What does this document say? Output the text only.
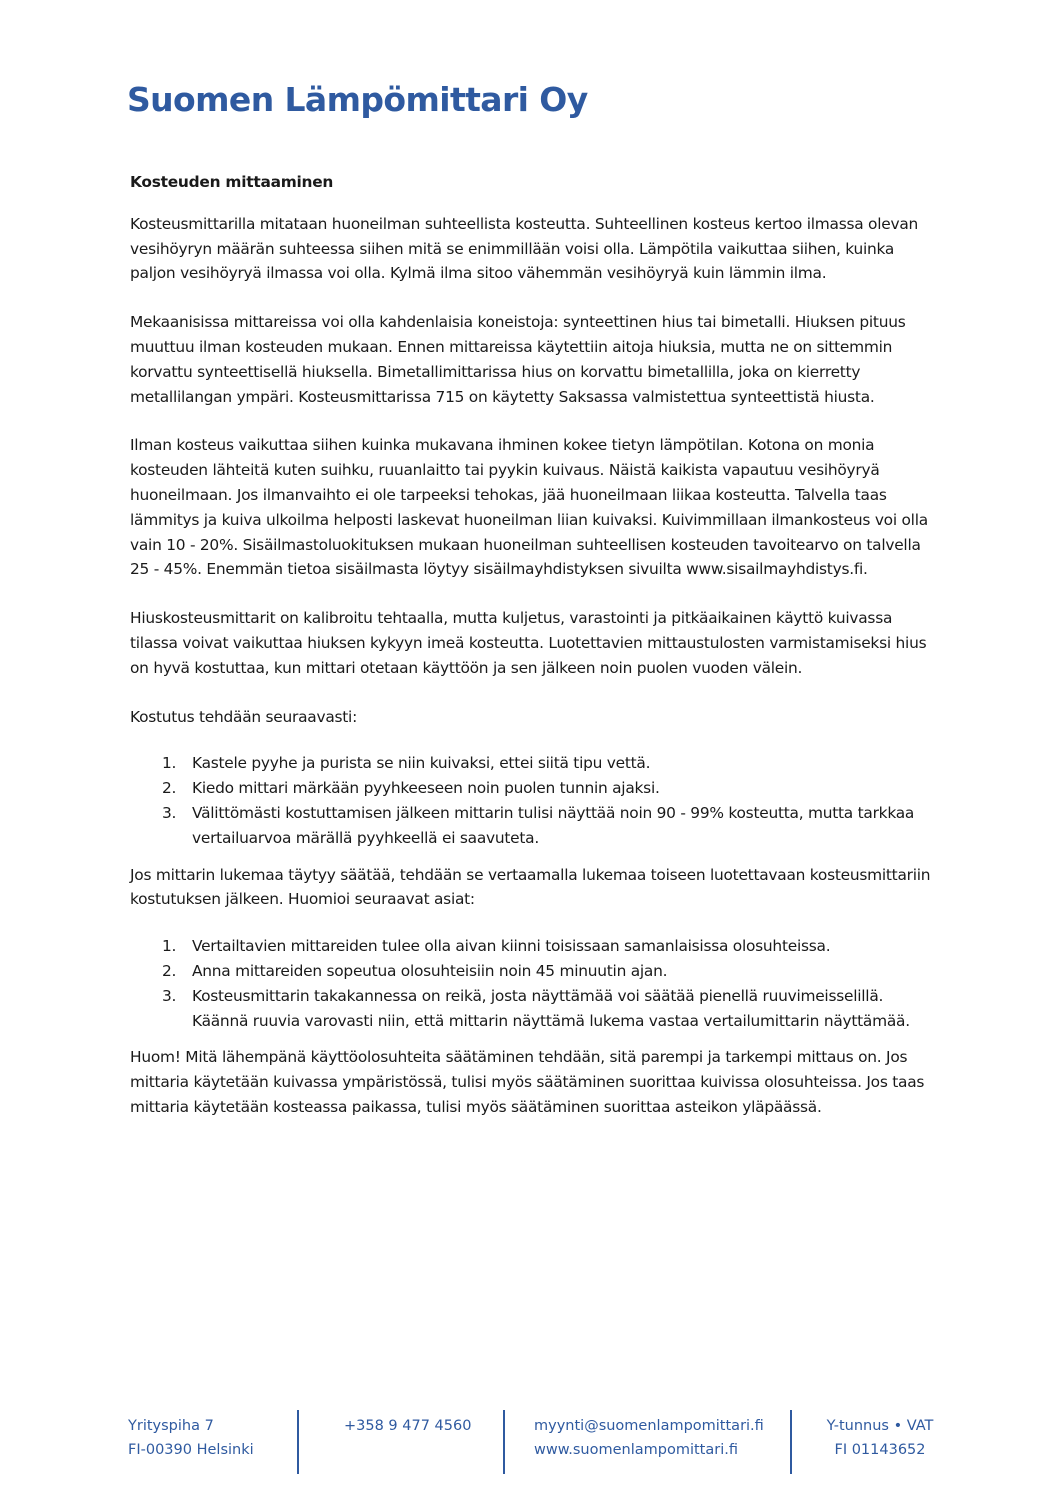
Suomen Lämpömittari Oy

Kosteuden mittaaminen

Kosteusmittarilla mitataan huoneilman suhteellista kosteutta. Suhteellinen kosteus kertoo ilmassa olevan vesihöyryn määrän suhteessa siihen mitä se enimmillään voisi olla. Lämpötila vaikuttaa siihen, kuinka paljon vesihöyryä ilmassa voi olla. Kylmä ilma sitoo vähemmän vesihöyryä kuin lämmin ilma.

Mekaanisissa mittareissa voi olla kahdenlaisia koneistoja: synteettinen hius tai bimetalli. Hiuksen pituus muuttuu ilman kosteuden mukaan. Ennen mittareissa käytettiin aitoja hiuksia, mutta ne on sittemmin korvattu synteettisellä hiuksella. Bimetallimittarissa hius on korvattu bimetallilla, joka on kierretty metallilangan ympäri. Kosteusmittarissa 715 on käytetty Saksassa valmistettua synteettistä hiusta.

Ilman kosteus vaikuttaa siihen kuinka mukavana ihminen kokee tietyn lämpötilan. Kotona on monia kosteuden lähteitä kuten suihku, ruuanlaitto tai pyykin kuivaus. Näistä kaikista vapautuu vesihöyryä huoneilmaan. Jos ilmanvaihto ei ole tarpeeksi tehokas, jää huoneilmaan liikaa kosteutta. Talvella taas lämmitys ja kuiva ulkoilma helposti laskevat huoneilman liian kuivaksi. Kuivimmillaan ilmankosteus voi olla vain 10 - 20%. Sisäilmastoluokituksen mukaan huoneilman suhteellisen kosteuden tavoitearvo on talvella 25 - 45%. Enemmän tietoa sisäilmasta löytyy sisäilmayhdistyksen sivuilta www.sisailmayhdistys.fi.

Hiuskosteusmittarit on kalibroitu tehtaalla, mutta kuljetus, varastointi ja pitkäaikainen käyttö kuivassa tilassa voivat vaikuttaa hiuksen kykyyn imeä kosteutta. Luotettavien mittaustulosten varmistamiseksi hius on hyvä kostuttaa, kun mittari otetaan käyttöön ja sen jälkeen noin puolen vuoden välein.

Kostutus tehdään seuraavasti:

1.	Kastele pyyhe ja purista se niin kuivaksi, ettei siitä tipu vettä.
2.	Kiedo mittari märkään pyyhkeeseen noin puolen tunnin ajaksi.
3.	Välittömästi kostuttamisen jälkeen mittarin tulisi näyttää noin 90 - 99% kosteutta, mutta tarkkaa vertailuarvoa märällä pyyhkeellä ei saavuteta.

Jos mittarin lukemaa täytyy säätää, tehdään se vertaamalla lukemaa toiseen luotettavaan kosteusmittariin kostutuksen jälkeen. Huomioi seuraavat asiat:

1.	Vertailtavien mittareiden tulee olla aivan kiinni toisissaan samanlaisissa olosuhteissa.
2.	Anna mittareiden sopeutua olosuhteisiin noin 45 minuutin ajan.
3.	Kosteusmittarin takakannessa on reikä, josta näyttämää voi säätää pienellä ruuvimeisselillä. Käännä ruuvia varovasti niin, että mittarin näyttämä lukema vastaa vertailumittarin näyttämää.

Huom! Mitä lähempänä käyttöolosuhteita säätäminen tehdään, sitä parempi ja tarkempi mittaus on. Jos mittaria käytetään kuivassa ympäristössä, tulisi myös säätäminen suorittaa kuivissa olosuhteissa. Jos taas mittaria käytetään kosteassa paikassa, tulisi myös säätäminen suorittaa asteikon yläpäässä.

Yrityspiha 7
FI-00390 Helsinki
+358 9 477 4560	myynti@suomenlampomittari.fi
www.suomenlampomittari.fi
Y-tunnus • VAT
FI 01143652
